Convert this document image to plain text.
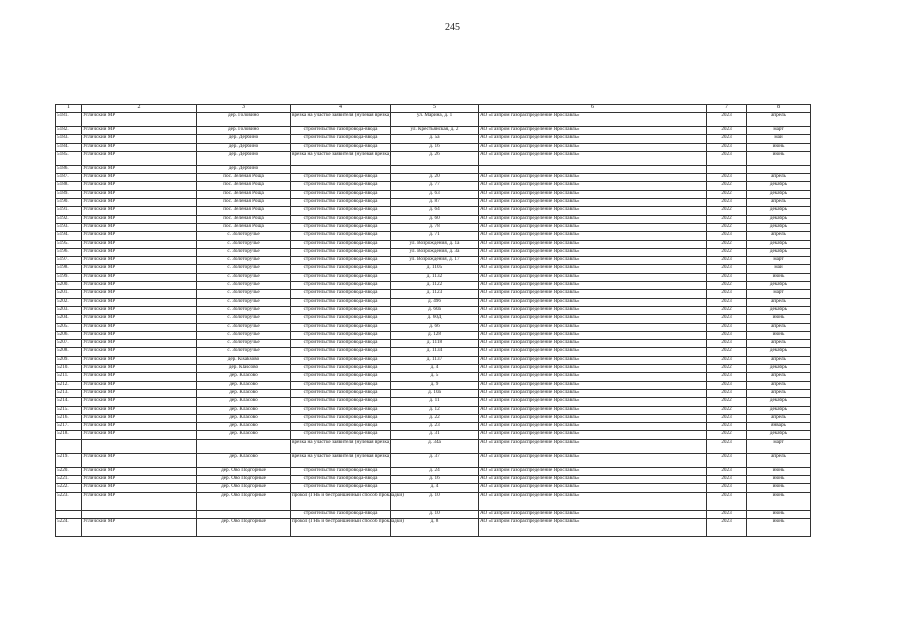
245
1	2	3	4	5	6	7	8
5181.	Угличский МР	дер. Головино	врезка на участке заявителя (нулевая врезка)	ул. Марина, д. 1	АО «Газпром газораспределение Ярославль»	2023	апрель
5182.	Угличский МР	дер. Головино	строительство газопровода-ввода	ул. Крестьянская, д. 2	АО «Газпром газораспределение Ярославль»	2023	март
5183.	Угличский МР	дер. Дербино	строительство газопровода-ввода	д. 5а	АО «Газпром газораспределение Ярославль»	2023	май
5184.	Угличский МР	дер. Дербино	строительство газопровода-ввода	д. 16	АО «Газпром газораспределение Ярославль»	2023	июнь
5185.	Угличский МР	дер. Дербино	врезка на участке заявителя (нулевая врезка)	д. 26	АО «Газпром газораспределение Ярославль»	2023	июнь
5186.	Угличский МР	дер. Дербино					
5187.	Угличский МР	пос. Зеленая Роща	строительство газопровода-ввода	д. 20	АО «Газпром газораспределение Ярославль»	2023	апрель
5188.	Угличский МР	пос. Зеленая Роща	строительство газопровода-ввода	д. 77	АО «Газпром газораспределение Ярославль»	2022	декабрь
5189.	Угличский МР	пос. Зеленая Роща	строительство газопровода-ввода	д. 63	АО «Газпром газораспределение Ярославль»	2022	декабрь
5190.	Угличский МР	пос. Зеленая Роща	строительство газопровода-ввода	д. 87	АО «Газпром газораспределение Ярославль»	2023	апрель
5191.	Угличский МР	пос. Зеленая Роща	строительство газопровода-ввода	д. 64	АО «Газпром газораспределение Ярославль»	2022	декабрь
5192.	Угличский МР	пос. Зеленая Роща	строительство газопровода-ввода	д. 60	АО «Газпром газораспределение Ярославль»	2022	декабрь
5193.	Угличский МР	пос. Зеленая Роща	строительство газопровода-ввода	д. 78	АО «Газпром газораспределение Ярославль»	2022	декабрь
5194.	Угличский МР	с. Золоторучье	строительство газопровода-ввода	д. 71	АО «Газпром газораспределение Ярославль»	2023	апрель
5195.	Угличский МР	с. Золоторучье	строительство газопровода-ввода	ул. Возрождения, д. 1а	АО «Газпром газораспределение Ярославль»	2022	декабрь
5196.	Угличский МР	с. Золоторучье	строительство газопровода-ввода	ул. Возрождения, д. 3а	АО «Газпром газораспределение Ярославль»	2022	декабрь
5197.	Угличский МР	с. Золоторучье	строительство газопровода-ввода	ул. Возрождения, д. 17	АО «Газпром газораспределение Ярославль»	2023	март
5198.	Угличский МР	с. Золоторучье	строительство газопровода-ввода	д. 1105	АО «Газпром газораспределение Ярославль»	2023	май
5199.	Угличский МР	с. Золоторучье	строительство газопровода-ввода	д. 1132	АО «Газпром газораспределение Ярославль»	2023	июнь
5200.	Угличский МР	с. Золоторучье	строительство газопровода-ввода	д. 1122	АО «Газпром газораспределение Ярославль»	2022	декабрь
5201.	Угличский МР	с. Золоторучье	строительство газопровода-ввода	д. 1123	АО «Газпром газораспределение Ярославль»	2023	март
5202.	Угличский МР	с. Золоторучье	строительство газопровода-ввода	д. 496	АО «Газпром газораспределение Ярославль»	2023	апрель
5203.	Угличский МР	с. Золоторучье	строительство газопровода-ввода	д. 60а	АО «Газпром газораспределение Ярославль»	2022	декабрь
5204.	Угличский МР	с. Золоторучье	строительство газопровода-ввода	д. 60Д	АО «Газпром газораспределение Ярославль»	2023	июнь
5205.	Угличский МР	с. Золоторучье	строительство газопровода-ввода	д. 66	АО «Газпром газораспределение Ярославль»	2023	апрель
5206.	Угличский МР	с. Золоторучье	строительство газопровода-ввода	д. 128	АО «Газпром газораспределение Ярославль»	2023	июнь
5207.	Угличский МР	с. Золоторучье	строительство газопровода-ввода	д. 1118	АО «Газпром газораспределение Ярославль»	2023	апрель
5208.	Угличский МР	с. Золоторучье	строительство газопровода-ввода	д. 1134	АО «Газпром газораспределение Ярославль»	2022	декабрь
5209.	Угличский МР	дер. Кisaksово	строительство газопровода-ввода	д. 1137	АО «Газпром газораспределение Ярославль»	2023	апрель
5210.	Угличский МР	дер. Кlasсово	строительство газопровода-ввода	д. 4	АО «Газпром газораспределение Ярославль»	2022	декабрь
5211.	Угличский МР	дер. Класово	строительство газопровода-ввода	д. 5	АО «Газпром газораспределение Ярославль»	2023	апрель
5212.	Угличский МР	дер. Класово	строительство газопровода-ввода	д. 9	АО «Газпром газораспределение Ярославль»	2023	апрель
5213.	Угличский МР	дер. Класово	строительство газопровода-ввода	д. 10а	АО «Газпром газораспределение Ярославль»	2023	апрель
5214.	Угличский МР	дер. Класово	строительство газопровода-ввода	д. 11	АО «Газпром газораспределение Ярославль»	2022	декабрь
5215.	Угличский МР	дер. Класово	строительство газопровода-ввода	д. 12	АО «Газпром газораспределение Ярославль»	2022	декабрь
5216.	Угличский МР	дер. Класово	строительство газопровода-ввода	д. 22	АО «Газпром газораспределение Ярославль»	2023	апрель
5217.	Угличский МР	дер. Класово	строительство газопровода-ввода	д. 23	АО «Газпром газораспределение Ярославль»	2023	январь
5218.	Угличский МР	дер. Класово	строительство газопровода-ввода	д. 31	АО «Газпром газораспределение Ярославль»	2022	декабрь
			врезка на участке заявителя (нулевая врезка)	д. 34а	АО «Газпром газораспределение Ярославль»	2023	март
5219.	Угличский МР	дер. Класово	врезка на участке заявителя (нулевая врезка)	д. 37	АО «Газпром газораспределение Ярославль»	2023	апрель
5220.	Угличский МР	дер. Ово Подгорные	строительство газопровода-ввода	д. 24	АО «Газпром газораспределение Ярославль»	2023	июнь
5221.	Угличский МР	дер. Ово Подгорные	строительство газопровода-ввода	д. 16	АО «Газпром газораспределение Ярославль»	2023	июнь
5222.	Угличский МР	дер. Ово Подгорные	строительство газопровода-ввода	д. 4	АО «Газпром газораспределение Ярославль»	2023	июнь
5223.	Угличский МР	дер. Ово Подгорные	прокол (ГНБ и бестраншейный способ прокладки)	д. 10	АО «Газпром газораспределение Ярославль»	2023	июнь
			строительство газопровода-ввода	д. 10	АО «Газпром газораспределение Ярославль»	2023	июнь
5224.	Угличский МР	дер. Ово Подгорные	прокол (ГНБ и бестраншейный способ прокладки)	д. 8	АО «Газпром газораспределение Ярославль»	2023	июнь
